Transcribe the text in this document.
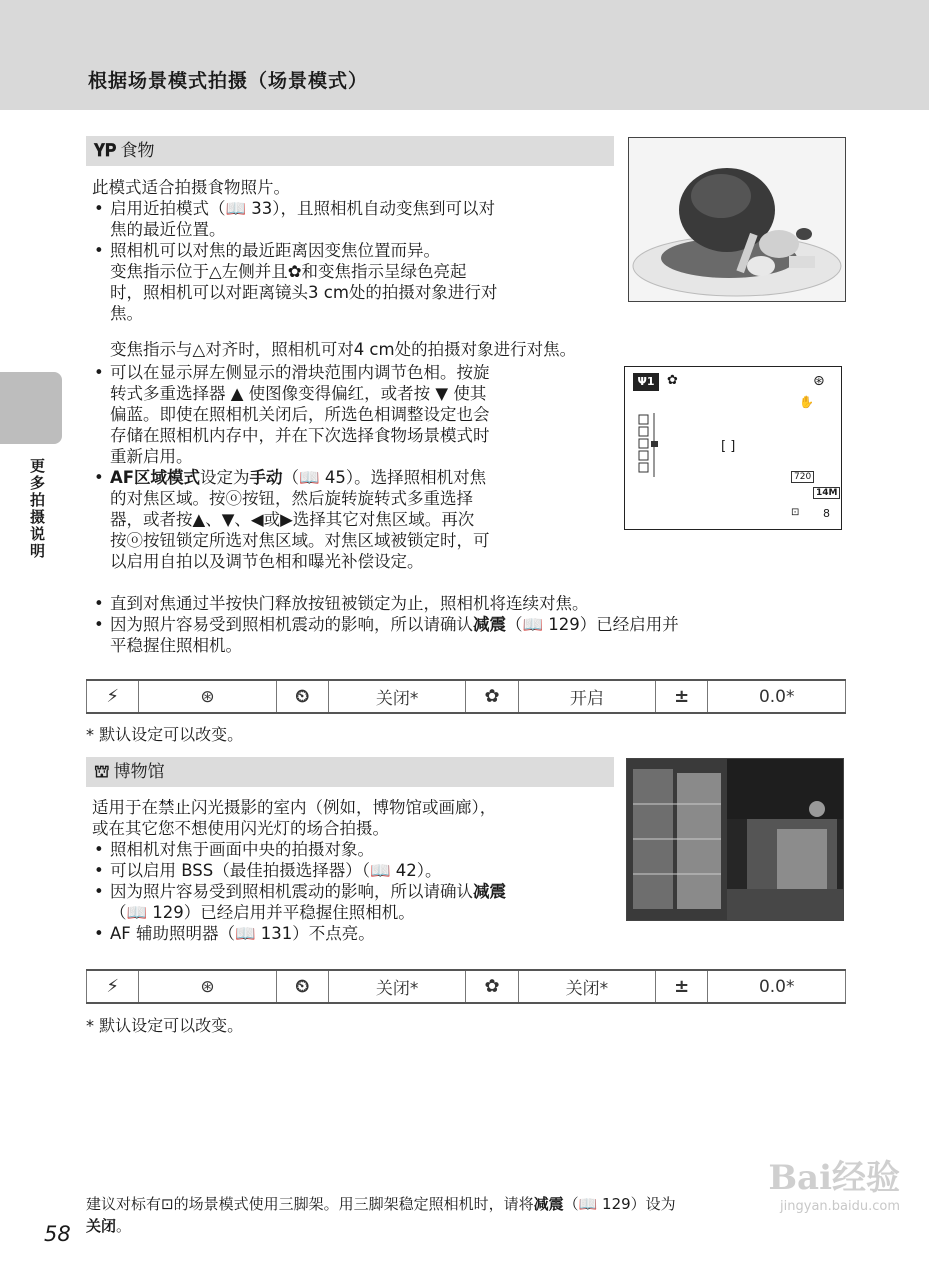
根据场景模式拍摄（场景模式）
更多拍摄说明
𝚼𝚸 食物

此模式适合拍摄食物照片。

• 启用近拍模式（📖 33），且照相机自动变焦到可以对
焦的最近位置。
• 照相机可以对焦的最近距离因变焦位置而异。
变焦指示位于△左侧并且✿和变焦指示呈绿色亮起
时，照相机可以对距离镜头3 cm处的拍摄对象进行对
焦。

变焦指示与△对齐时，照相机可对4 cm处的拍摄对象进行对焦。

• 可以在显示屏左侧显示的滑块范围内调节色相。按旋
转式多重选择器 ▲ 使图像变得偏红，或者按 ▼ 使其
偏蓝。即使在照相机关闭后，所选色相调整设定也会
存储在照相机内存中，并在下次选择食物场景模式时
重新启用。
• AF区域模式设定为手动（📖 45）。选择照相机对焦
的对焦区域。按ⓞ按钮，然后旋转旋转式多重选择
器，或者按▲、▼、◀或▶选择其它对焦区域。再次
按ⓞ按钮锁定所选对焦区域。对焦区域被锁定时，可
以启用自拍以及调节色相和曝光补偿设定。
• 直到对焦通过半按快门释放按钮被锁定为止，照相机将连续对焦。
• 因为照片容易受到照相机震动的影响，所以请确认减震（📖 129）已经启用并
平稳握住照相机。
Ψ1 ✿	⊛
✋
[ ]
720
14M
⊡ 8
⚡	⊛	⏲	关闭*	✿	开启	±	0.0*
* 默认设定可以改变。
⛫ 博物馆

适用于在禁止闪光摄影的室内（例如，博物馆或画廊），
或在其它您不想使用闪光灯的场合拍摄。

• 照相机对焦于画面中央的拍摄对象。
• 可以启用 BSS（最佳拍摄选择器）（📖 42）。
• 因为照片容易受到照相机震动的影响，所以请确认减震
（📖 129）已经启用并平稳握住照相机。
• AF 辅助照明器（📖 131）不点亮。
⚡	⊛	⏲	关闭*	✿	关闭*	±	0.0*
* 默认设定可以改变。
建议对标有⊡的场景模式使用三脚架。用三脚架稳定照相机时，请将减震（📖 129）设为
关闭。
58
Bai经验
jingyan.baidu.com
